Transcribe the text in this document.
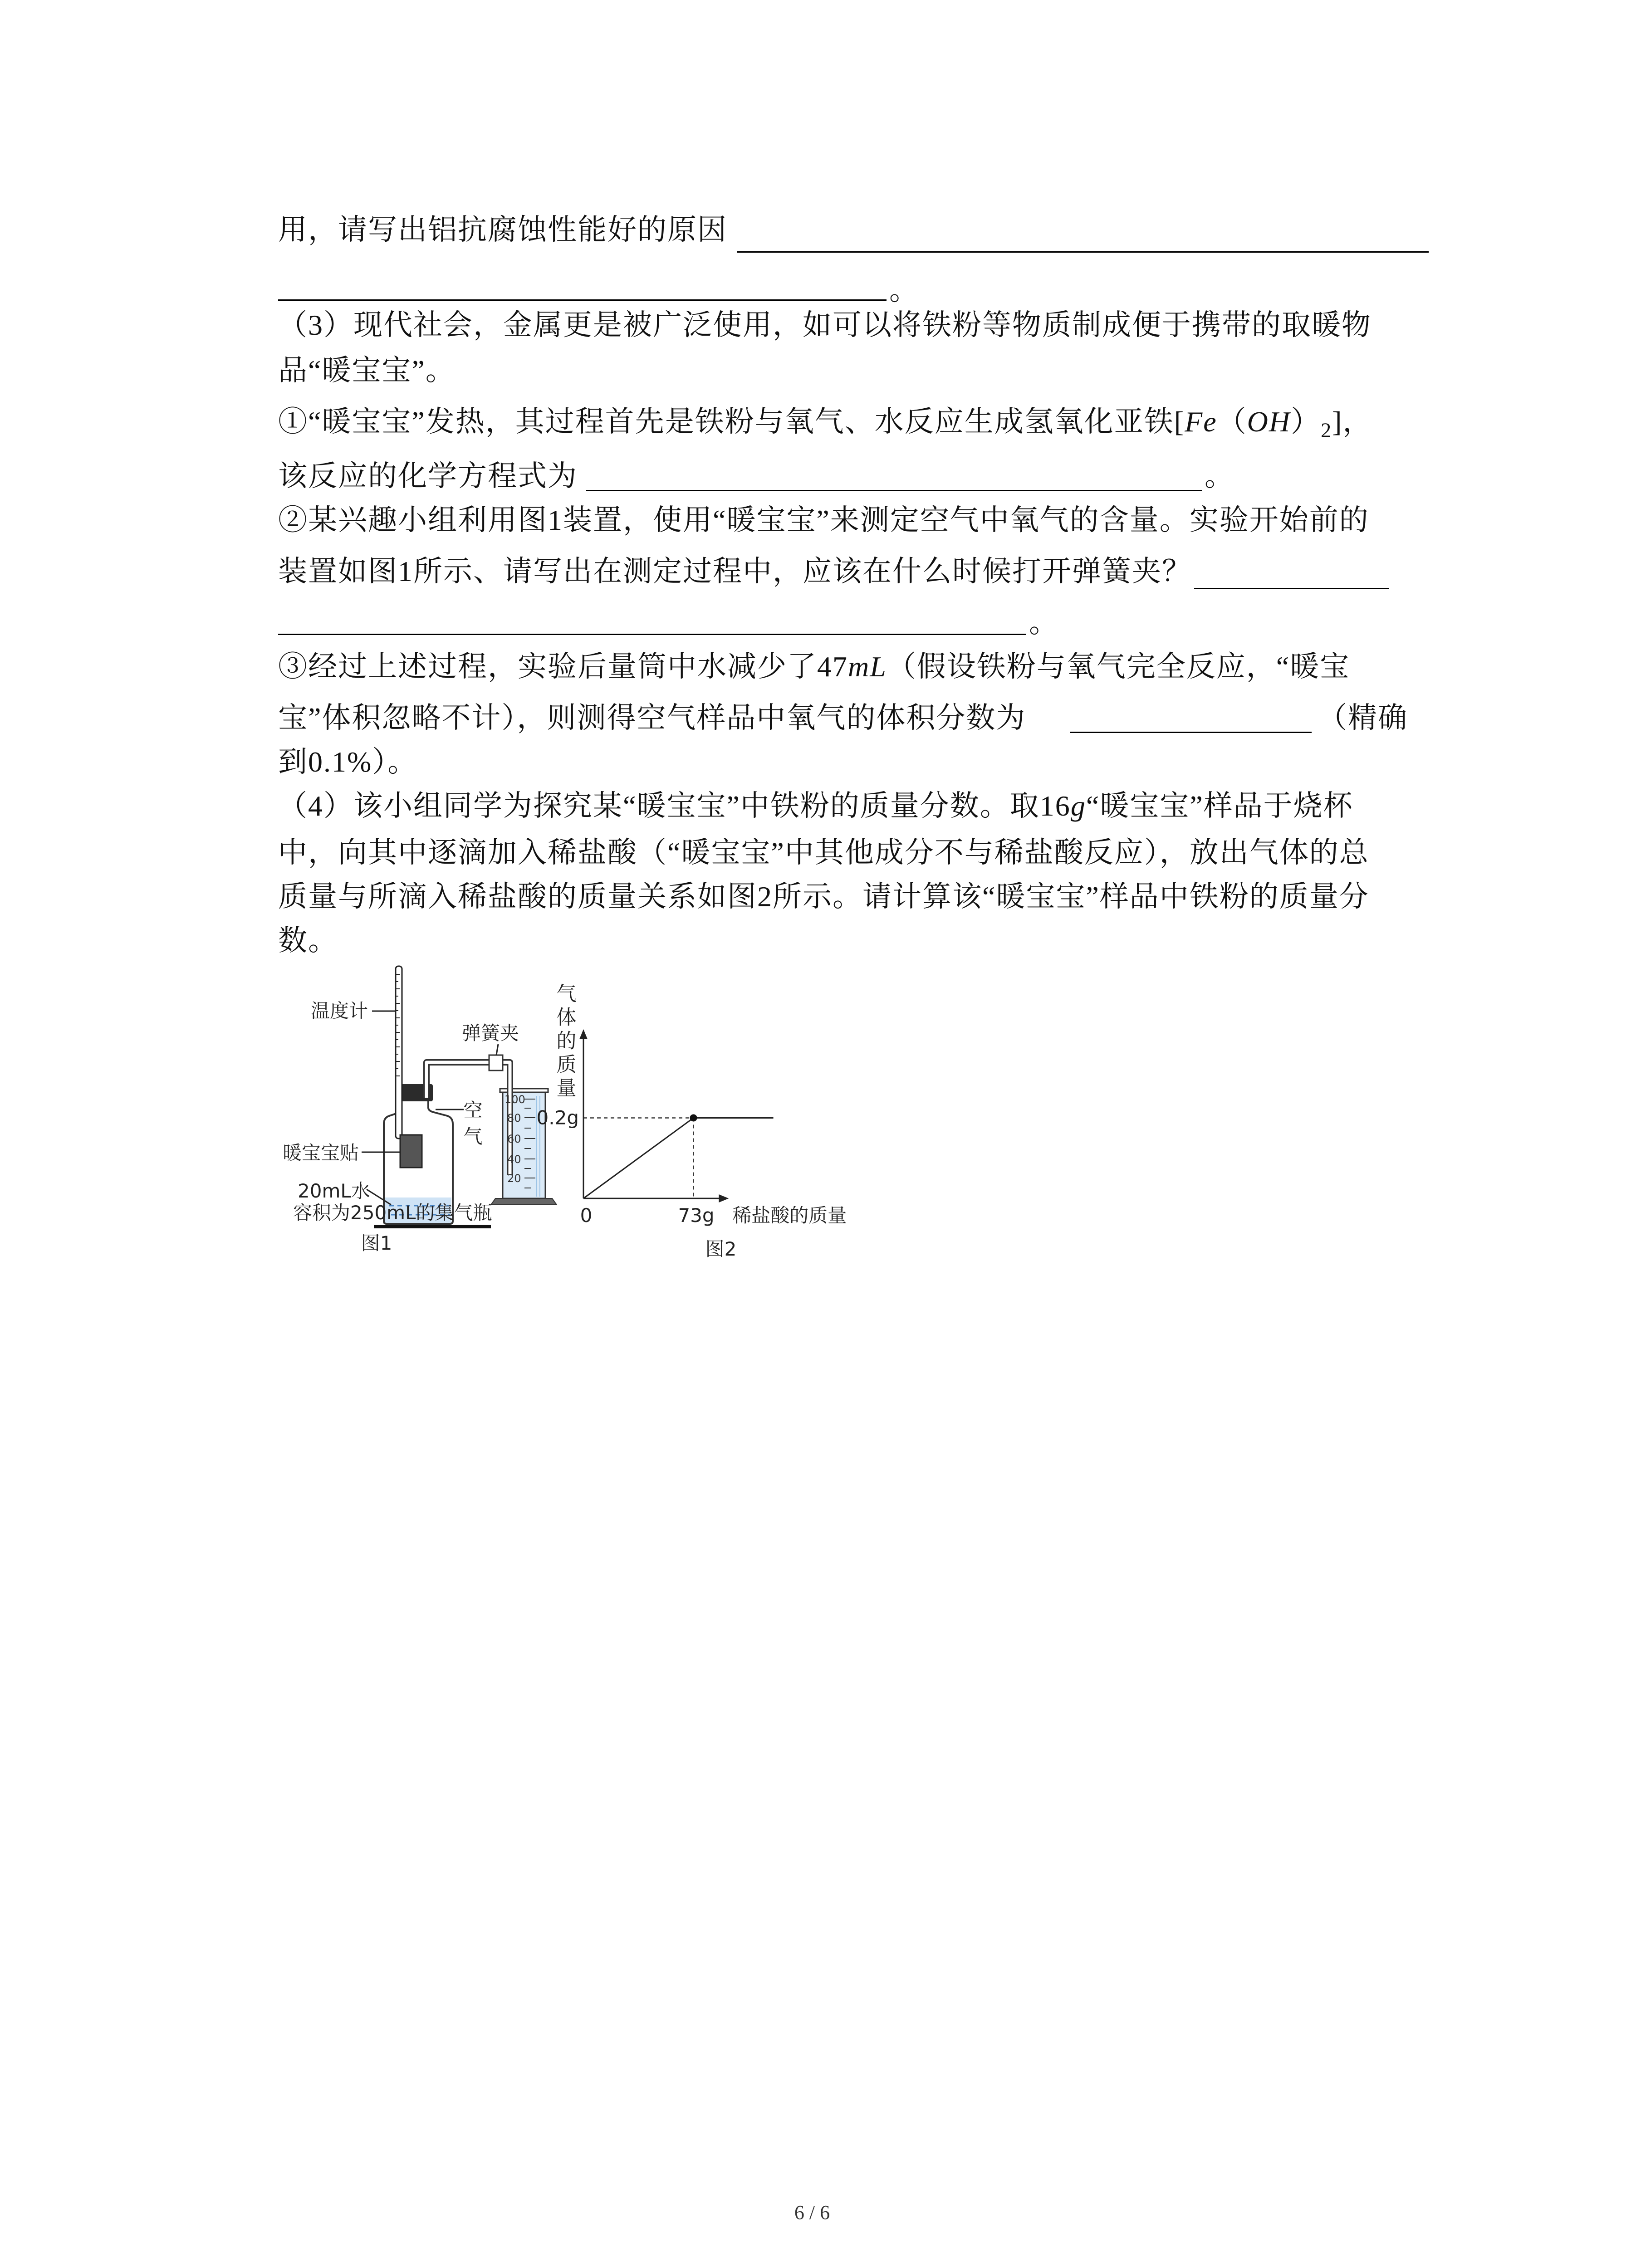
用，请写出铝抗腐蚀性能好的原因
。
（3）现代社会，金属更是被广泛使用，如可以将铁粉等物质制成便于携带的取暖物
品“暖宝宝”。
①“暖宝宝”发热，其过程首先是铁粉与氧气、水反应生成氢氧化亚铁$[Fe(OH)_2]$，
该反应的化学方程式为	。
②某兴趣小组利用图1装置，使用“暖宝宝”来测定空气中氧气的含量。实验开始前的
装置如图1所示、请写出在测定过程中，应该在什么时候打开弹簧夹？
。
③经过上述过程，实验后量筒中水减少了47mL（假设铁粉与氧气完全反应，“暖宝
宝”体积忽略不计），则测得空气样品中氧气的体积分数为	（精确
到0.1%）。
（4）该小组同学为探究某“暖宝宝”中铁粉的质量分数。取16g“暖宝宝”样品于烧杯
中，向其中逐滴加入稀盐酸（“暖宝宝”中其他成分不与稀盐酸反应），放出气体的总
质量与所滴入稀盐酸的质量关系如图2所示。请计算该“暖宝宝”样品中铁粉的质量分
数。
温度计
弹簧夹
空气
暖宝宝贴
20mL水
容积为250mL的集气瓶
100
80
60
40
20
图1
气体的质量
0.2g
0	73g 稀盐酸的质量
图2
6 / 6
